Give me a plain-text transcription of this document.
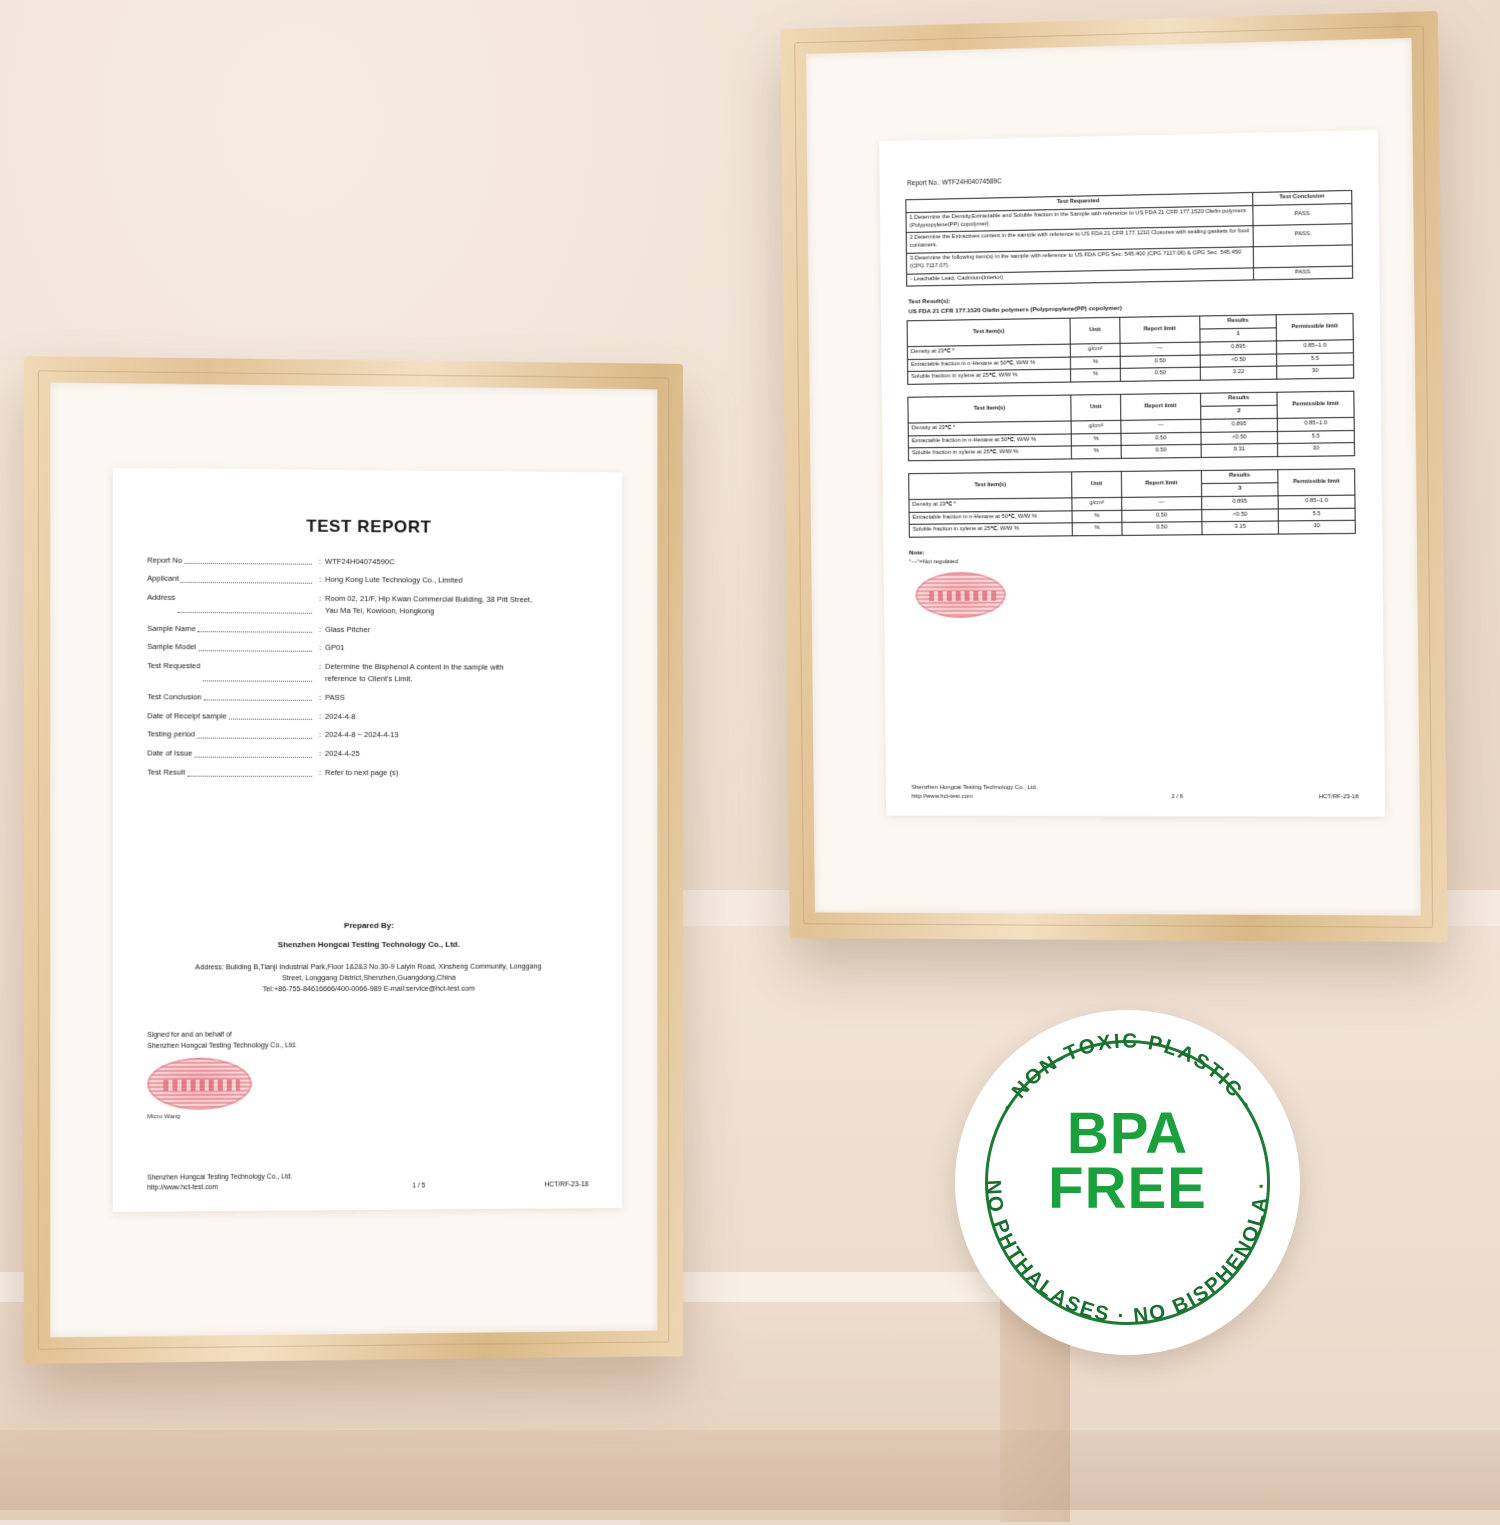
TEST REPORT
Report No	: WTF24H04074590C
Applicant	: Hong Kong Lute Technology Co., Limited
Address	: Room 02, 21/F, Hip Kwan Commercial Building, 38 Pitt Street,
Yau Ma Tei, Kowloon, Hongkong
Sample Name	: Glass Pitcher
Sample Model	: GP01
Test Requested	: Determine the Bisphenol A content in the sample with
reference to Client's Limit.
Test Conclusion	: PASS
Date of Receipt sample	: 2024-4-8
Testing period	: 2024-4-8 ~ 2024-4-13
Date of Issue	: 2024-4-25
Test Result	: Refer to next page (s)
Prepared By:
Shenzhen Hongcai Testing Technology Co., Ltd.
Address: Building B,Tianji Industrial Park,Floor 1&2&3 No.30-9 Laiyin Road, Xinsheng Community, Longgang
Street, Longgang District,Shenzhen,Guangdong,China
Tel:+86-755-84616666/400-0066-989 E-mail:service@hct-test.com
Signed for and on behalf of
Shenzhen Hongcai Testing Technology Co., Ltd.
Micro Wang
Shenzhen Hongcai Testing Technology Co., Ltd.
http://www.hct-test.com	1 / 5	HCT/RF-23-18
Report No.: WTF24H04074589C
Test Requested	Test Conclusion
1.Determine the Density,Extractable and Soluble fraction in the Sample with reference to US FDA 21 CFR 177.1520 Olefin polymers (Polypropylene(PP) copolymer).	PASS
2.Determine the Extractives content in the sample with reference to US FDA 21 CFR 177.1210 Closures with sealing gaskets for food containers.	PASS
3.Determine the following item(s) in the sample with reference to US FDA CPG Sec. 545.400 (CPG 7117.06) & CPG Sec. 545.450 (CPG 7117.07).	
- Leachable Lead, Cadmium(interior)	PASS
Test Result(s):
US FDA 21 CFR 177.1520 Olefin polymers (Polypropylene(PP) copolymer)
Test Item(s)	Unit	Report limit	Results	Permissible limit
			1	
Density at 23℃ *	g/cm³	—	0.895	0.85~1.0
Extractable fraction in n-Hexane at 50℃, W/W %	%	0.50	<0.50	5.5
Soluble fraction in xylene at 25℃, W/W %	%	0.50	3.22	30
Test Item(s)	Unit	Report limit	Results	Permissible limit
			2	
Density at 23℃ *	g/cm³	—	0.895	0.85~1.0
Extractable fraction in n-Hexane at 50℃, W/W %	%	0.50	<0.50	5.5
Soluble fraction in xylene at 25℃, W/W %	%	0.50	9.31	30
Test Item(s)	Unit	Report limit	Results	Permissible limit
			3	
Density at 23℃ *	g/cm³	—	0.895	0.85~1.0
Extractable fraction in n-Hexane at 50℃, W/W %	%	0.50	<0.50	5.5
Soluble fraction in xylene at 25℃, W/W %	%	0.50	3.15	30
Note:
"—"=Not regulated
Shenzhen Hongcai Testing Technology Co., Ltd.
http://www.hct-test.com	2 / 6	HCT/RF-23-18
· NON-TOXIC PLASTIC ·
NO PHTHALASES · NO BISPHENOLA ·
BPA
FREE
